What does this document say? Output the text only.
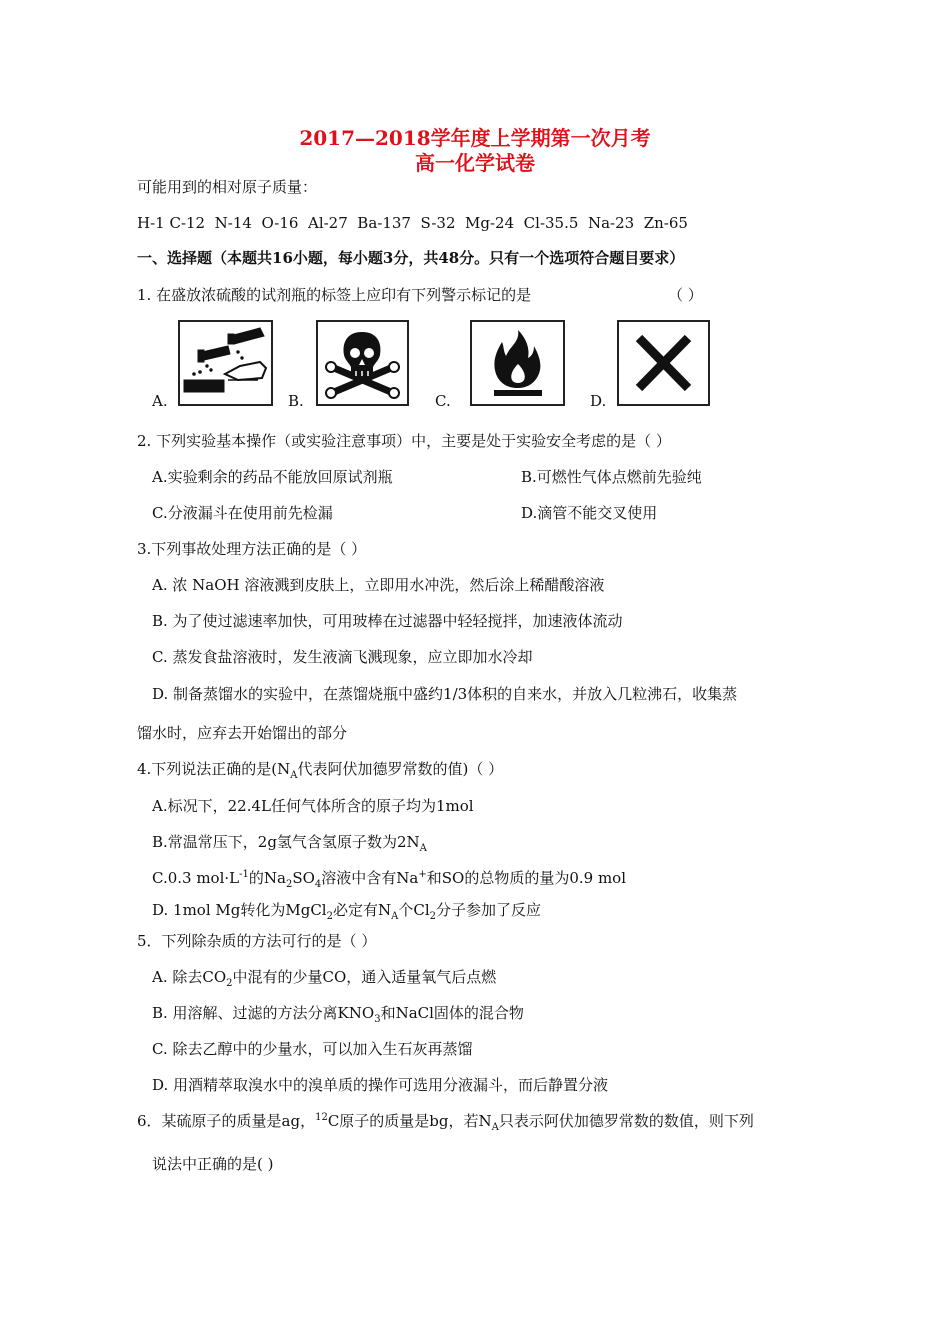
2017—2018学年度上学期第一次月考
高一化学试卷
可能用到的相对原子质量：
H-1 C-12  N-14  O-16  Al-27  Ba-137  S-32  Mg-24  Cl-35.5  Na-23  Zn-65
一、选择题（本题共16小题，每小题3分，共48分。只有一个选项符合题目要求）
1. 在盛放浓硫酸的试剂瓶的标签上应印有下列警示标记的是	（ ）
A.	B.	C.	D.
2. 下列实验基本操作（或实验注意事项）中，主要是处于实验安全考虑的是（ ）
A.实验剩余的药品不能放回原试剂瓶	B.可燃性气体点燃前先验纯
C.分液漏斗在使用前先检漏	D.滴管不能交叉使用
3.下列事故处理方法正确的是（ ）
A. 浓 NaOH 溶液溅到皮肤上，立即用水冲洗，然后涂上稀醋酸溶液
B. 为了使过滤速率加快，可用玻棒在过滤器中轻轻搅拌，加速液体流动
C. 蒸发食盐溶液时，发生液滴飞溅现象，应立即加水冷却
D. 制备蒸馏水的实验中，在蒸馏烧瓶中盛约1/3体积的自来水，并放入几粒沸石，收集蒸
馏水时，应弃去开始馏出的部分
4.下列说法正确的是($N_A$代表阿伏加德罗常数的值)（ ）
A.标况下，22.4L任何气体所含的原子均为1mol
B.常温常压下，2g氢气含氢原子数为$2N_A$
C.0.3 $mol\cdot L^{-1}$的$Na_2SO_4$溶液中含有Na+和SO的总物质的量为0.9 mol
D. 1mol Mg转化为MgCl$_2$必定有$N_A$个$Cl_2$分子参加了反应
5．下列除杂质的方法可行的是（ ）
A. 除去$CO_2$中混有的少量CO，通入适量氧气后点燃
B. 用溶解、过滤的方法分离$KNO_3$和NaCl固体的混合物
C. 除去乙醇中的少量水，可以加入生石灰再蒸馏
D. 用酒精萃取溴水中的溴单质的操作可选用分液漏斗，而后静置分液
6．某硫原子的质量是ag，$^{12}$C原子的质量是bg，若$N_A$只表示阿伏加德罗常数的数值，则下列
说法中正确的是( )
